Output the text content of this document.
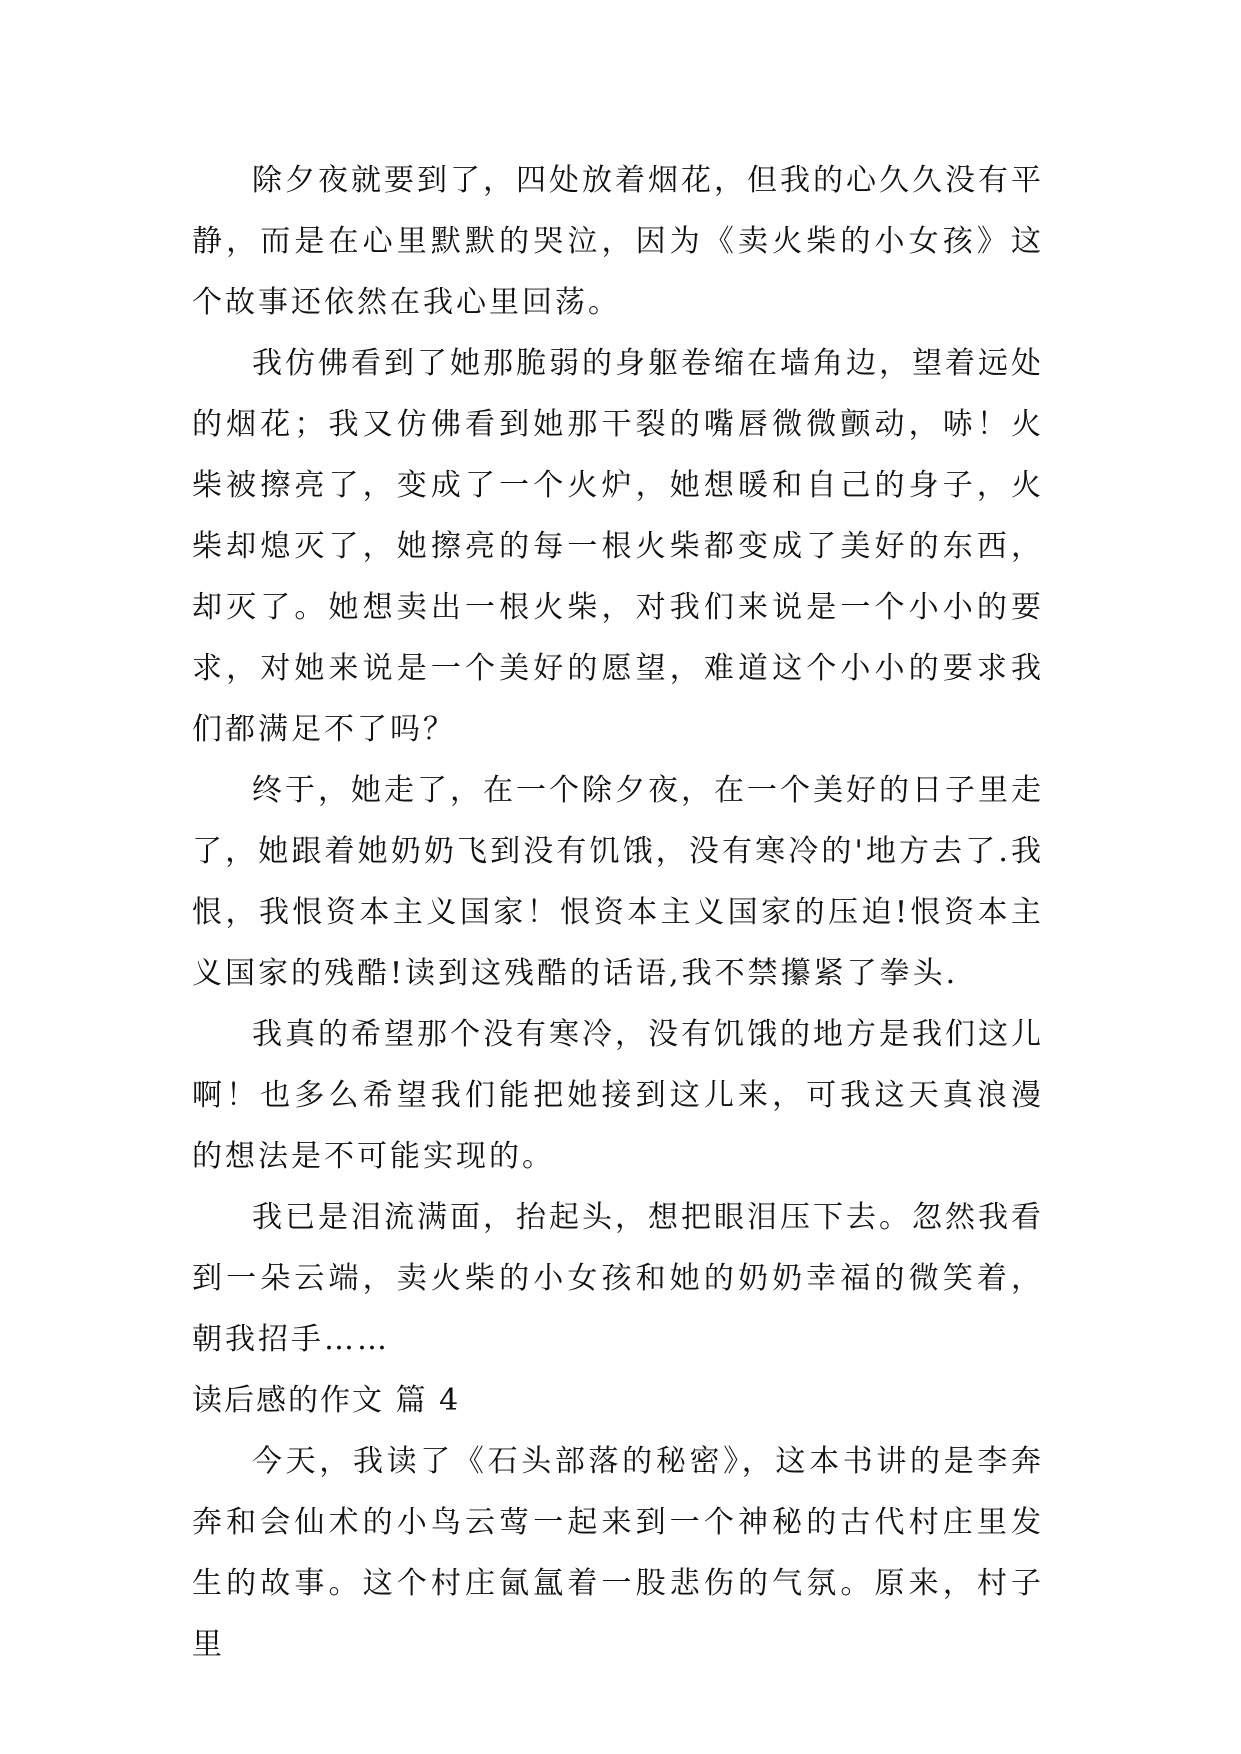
除夕夜就要到了，四处放着烟花，但我的心久久没有平静，而是在心里默默的哭泣，因为《卖火柴的小女孩》这个故事还依然在我心里回荡。

我仿佛看到了她那脆弱的身躯卷缩在墙角边，望着远处的烟花；我又仿佛看到她那干裂的嘴唇微微颤动，哧！火柴被擦亮了，变成了一个火炉，她想暖和自己的身子，火柴却熄灭了，她擦亮的每一根火柴都变成了美好的东西，却灭了。她想卖出一根火柴，对我们来说是一个小小的要求，对她来说是一个美好的愿望，难道这个小小的要求我们都满足不了吗？

终于，她走了，在一个除夕夜，在一个美好的日子里走了，她跟着她奶奶飞到没有饥饿，没有寒冷的'地方去了.我恨，我恨资本主义国家！恨资本主义国家的压迫!恨资本主义国家的残酷!读到这残酷的话语,我不禁攥紧了拳头.

我真的希望那个没有寒冷，没有饥饿的地方是我们这儿啊！也多么希望我们能把她接到这儿来，可我这天真浪漫的想法是不可能实现的。

我已是泪流满面，抬起头，想把眼泪压下去。忽然我看到一朵云端，卖火柴的小女孩和她的奶奶幸福的微笑着，朝我招手……

读后感的作文 篇 4

今天，我读了《石头部落的秘密》，这本书讲的是李奔奔和会仙术的小鸟云莺一起来到一个神秘的古代村庄里发生的故事。这个村庄氤氲着一股悲伤的气氛。原来，村子里
